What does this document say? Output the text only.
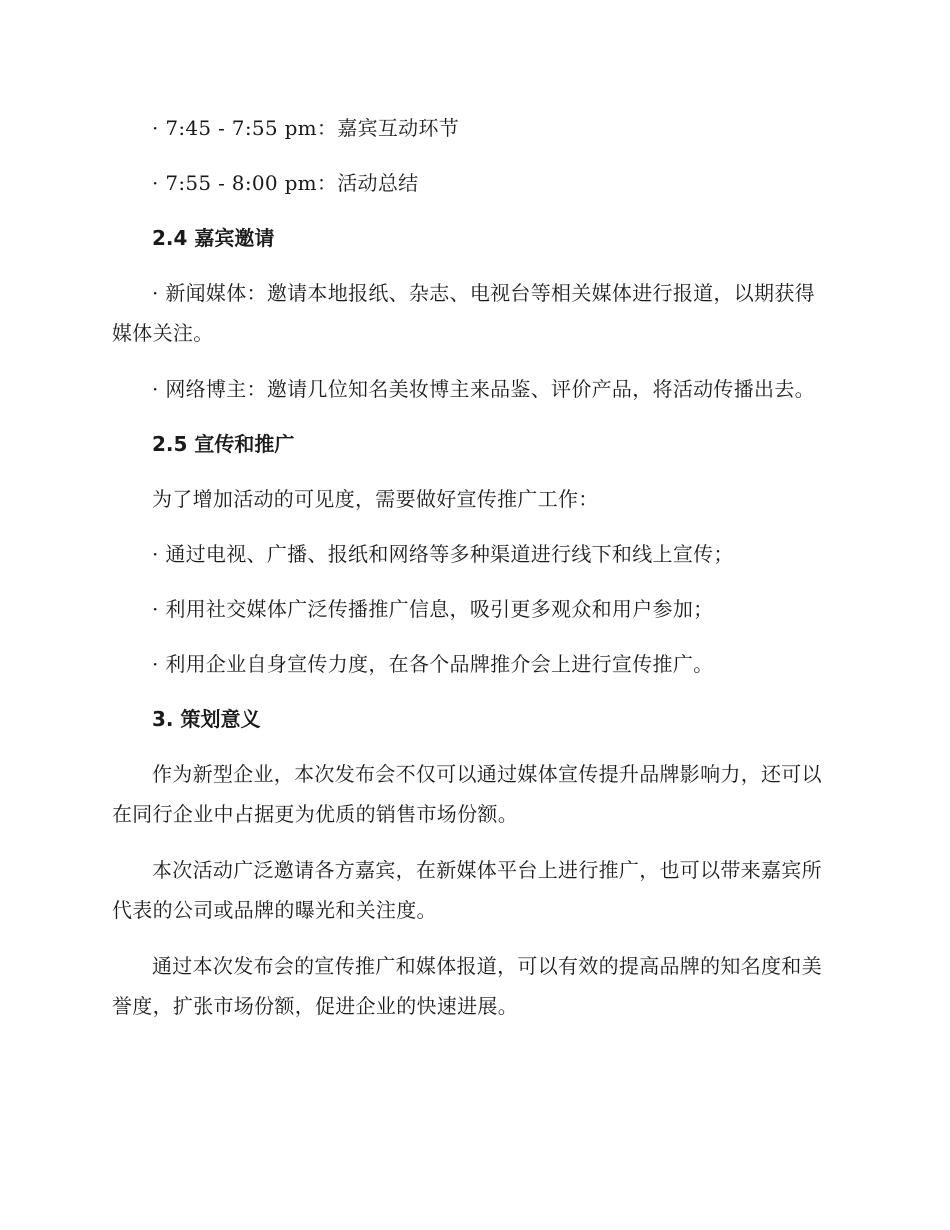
· 7:45 - 7:55 pm：嘉宾互动环节

· 7:55 - 8:00 pm：活动总结

2.4 嘉宾邀请

· 新闻媒体：邀请本地报纸、杂志、电视台等相关媒体进行报道，以期获得媒体关注。

· 网络博主：邀请几位知名美妆博主来品鉴、评价产品，将活动传播出去。

2.5 宣传和推广

为了增加活动的可见度，需要做好宣传推广工作：

· 通过电视、广播、报纸和网络等多种渠道进行线下和线上宣传；

· 利用社交媒体广泛传播推广信息，吸引更多观众和用户参加；

· 利用企业自身宣传力度，在各个品牌推介会上进行宣传推广。

3. 策划意义

作为新型企业，本次发布会不仅可以通过媒体宣传提升品牌影响力，还可以在同行企业中占据更为优质的销售市场份额。

本次活动广泛邀请各方嘉宾，在新媒体平台上进行推广，也可以带来嘉宾所代表的公司或品牌的曝光和关注度。

通过本次发布会的宣传推广和媒体报道，可以有效的提高品牌的知名度和美誉度，扩张市场份额，促进企业的快速进展。
